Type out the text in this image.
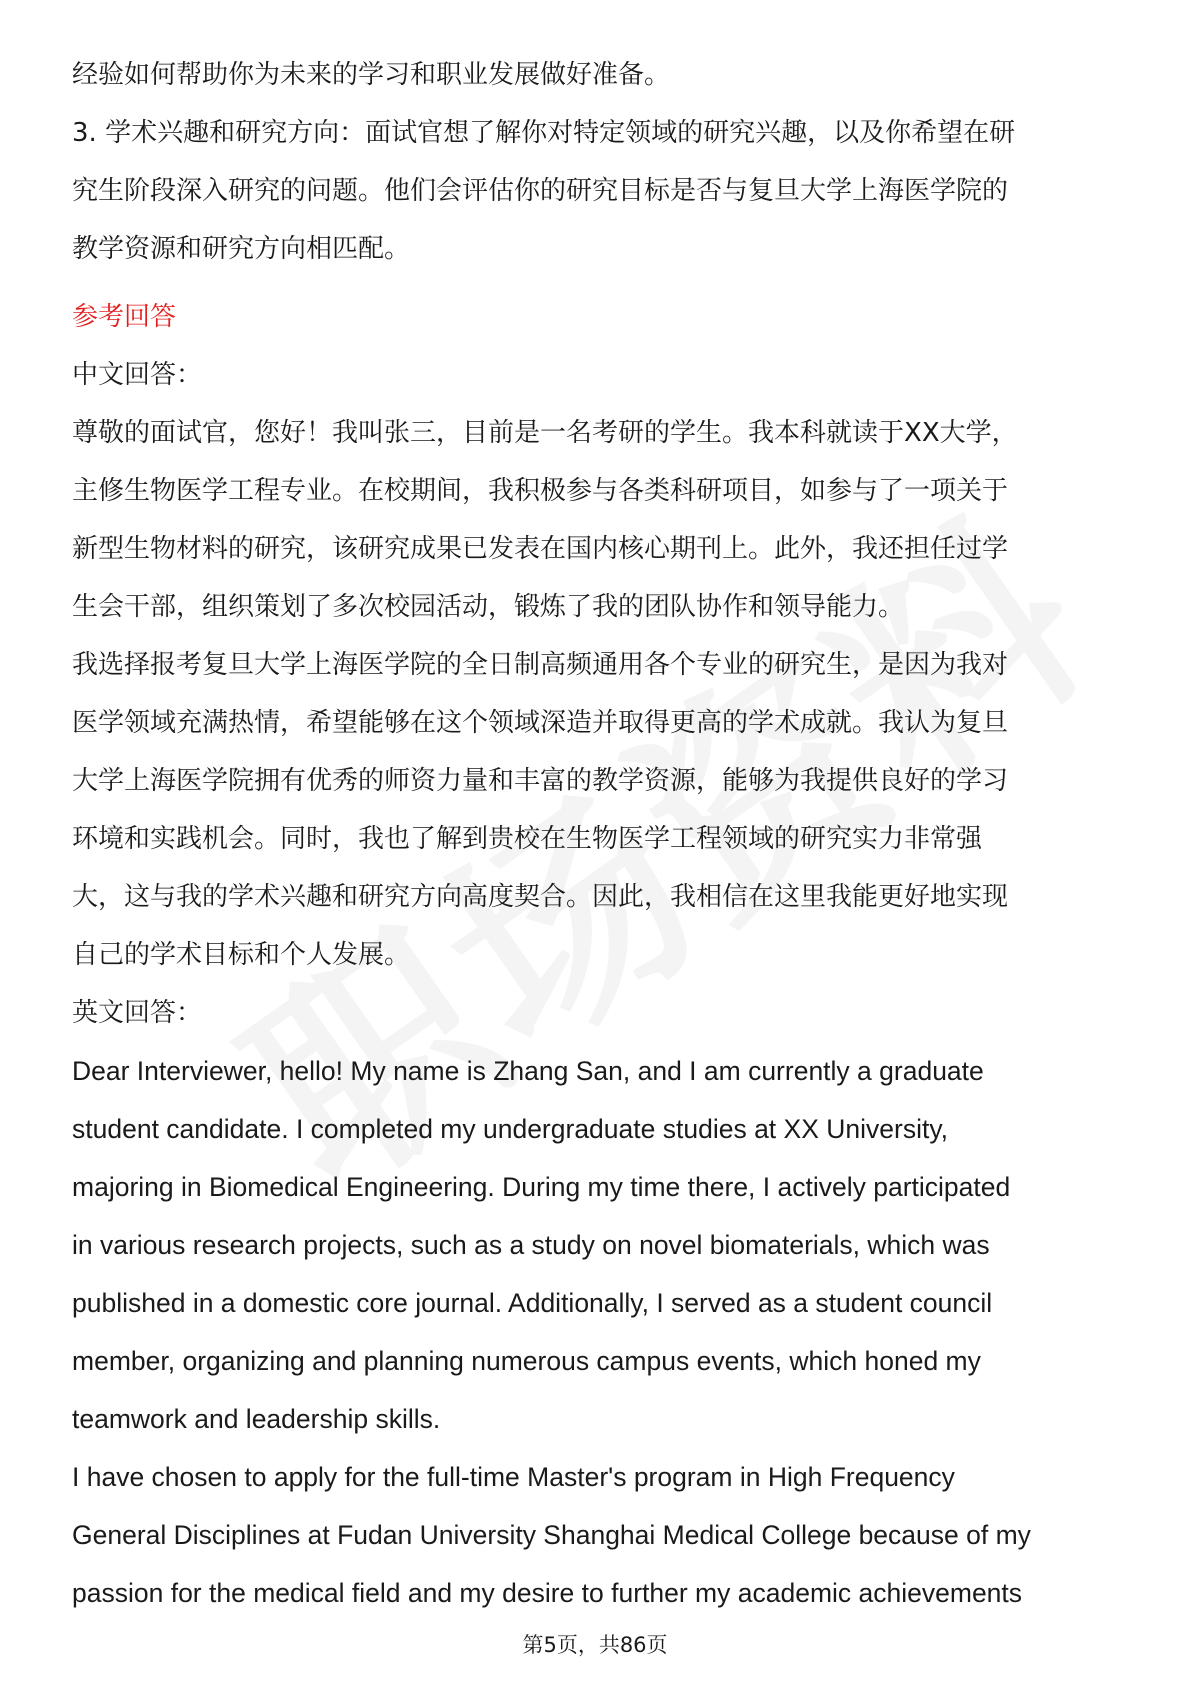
经验如何帮助你为未来的学习和职业发展做好准备。

3. 学术兴趣和研究方向：面试官想了解你对特定领域的研究兴趣，以及你希望在研

究生阶段深入研究的问题。他们会评估你的研究目标是否与复旦大学上海医学院的

教学资源和研究方向相匹配。

参考回答

中文回答：

尊敬的面试官，您好！我叫张三，目前是一名考研的学生。我本科就读于XX大学，

主修生物医学工程专业。在校期间，我积极参与各类科研项目，如参与了一项关于

新型生物材料的研究，该研究成果已发表在国内核心期刊上。此外，我还担任过学

生会干部，组织策划了多次校园活动，锻炼了我的团队协作和领导能力。

我选择报考复旦大学上海医学院的全日制高频通用各个专业的研究生，是因为我对

医学领域充满热情，希望能够在这个领域深造并取得更高的学术成就。我认为复旦

大学上海医学院拥有优秀的师资力量和丰富的教学资源，能够为我提供良好的学习

环境和实践机会。同时，我也了解到贵校在生物医学工程领域的研究实力非常强

大，这与我的学术兴趣和研究方向高度契合。因此，我相信在这里我能更好地实现

自己的学术目标和个人发展。

英文回答：

Dear Interviewer, hello! My name is Zhang San, and I am currently a graduate

student candidate. I completed my undergraduate studies at XX University,

majoring in Biomedical Engineering. During my time there, I actively participated

in various research projects, such as a study on novel biomaterials, which was

published in a domestic core journal. Additionally, I served as a student council

member, organizing and planning numerous campus events, which honed my

teamwork and leadership skills.

I have chosen to apply for the full-time Master's program in High Frequency

General Disciplines at Fudan University Shanghai Medical College because of my

passion for the medical field and my desire to further my academic achievements

第5页，共86页
